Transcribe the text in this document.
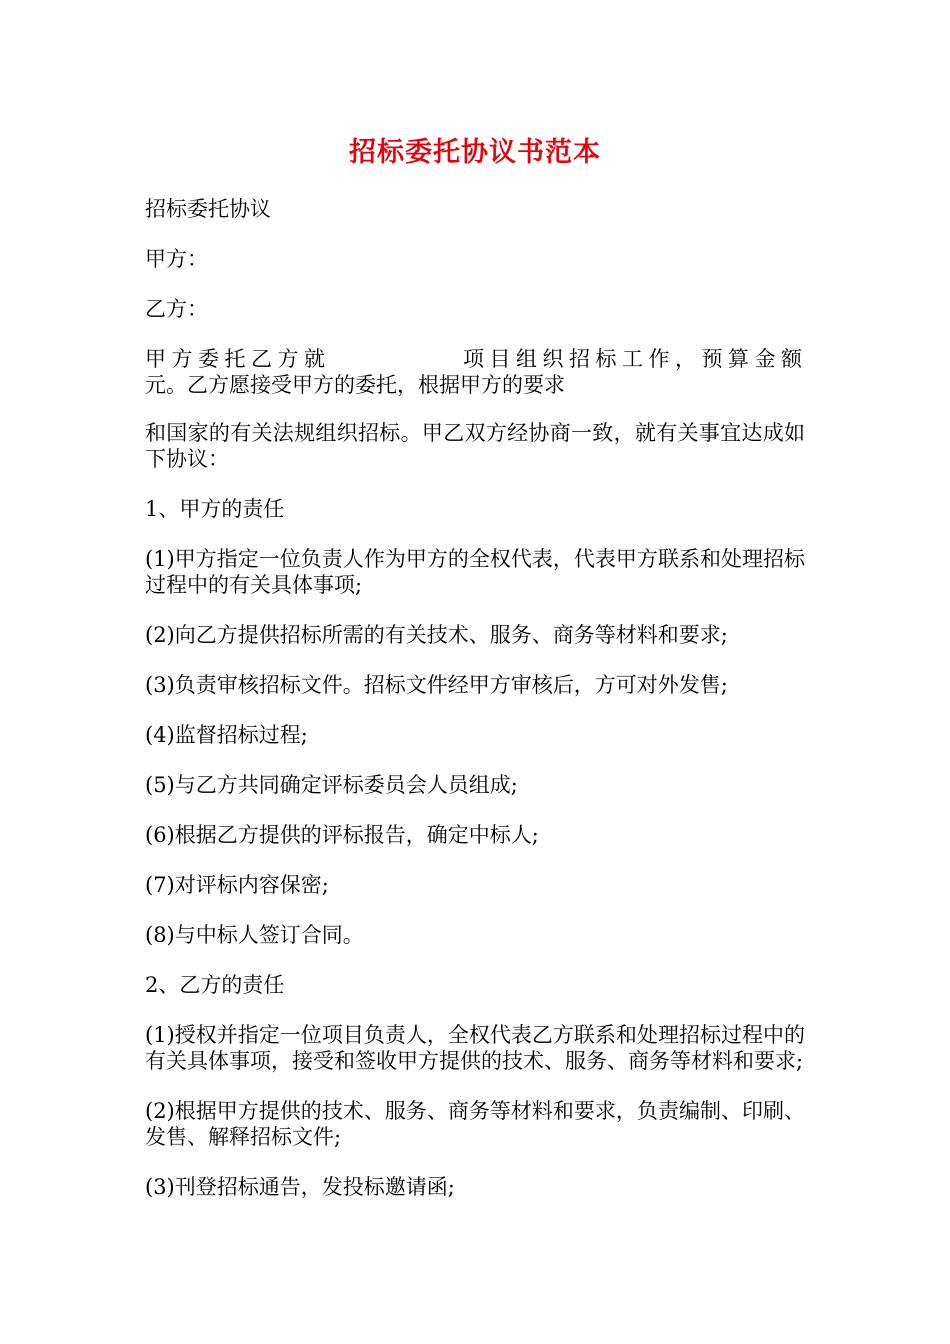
招标委托协议书范本

招标委托协议

甲方：

乙方：

甲方委托乙方就	项目组织招标工作，预算金额
元。乙方愿接受甲方的委托，根据甲方的要求

和国家的有关法规组织招标。甲乙双方经协商一致，就有关事宜达成如下协议：

1、甲方的责任

(1)甲方指定一位负责人作为甲方的全权代表，代表甲方联系和处理招标过程中的有关具体事项;

(2)向乙方提供招标所需的有关技术、服务、商务等材料和要求;

(3)负责审核招标文件。招标文件经甲方审核后，方可对外发售;

(4)监督招标过程;

(5)与乙方共同确定评标委员会人员组成;

(6)根据乙方提供的评标报告，确定中标人;

(7)对评标内容保密;

(8)与中标人签订合同。

2、乙方的责任

(1)授权并指定一位项目负责人，全权代表乙方联系和处理招标过程中的有关具体事项，接受和签收甲方提供的技术、服务、商务等材料和要求;

(2)根据甲方提供的技术、服务、商务等材料和要求，负责编制、印刷、发售、解释招标文件;

(3)刊登招标通告，发投标邀请函;
